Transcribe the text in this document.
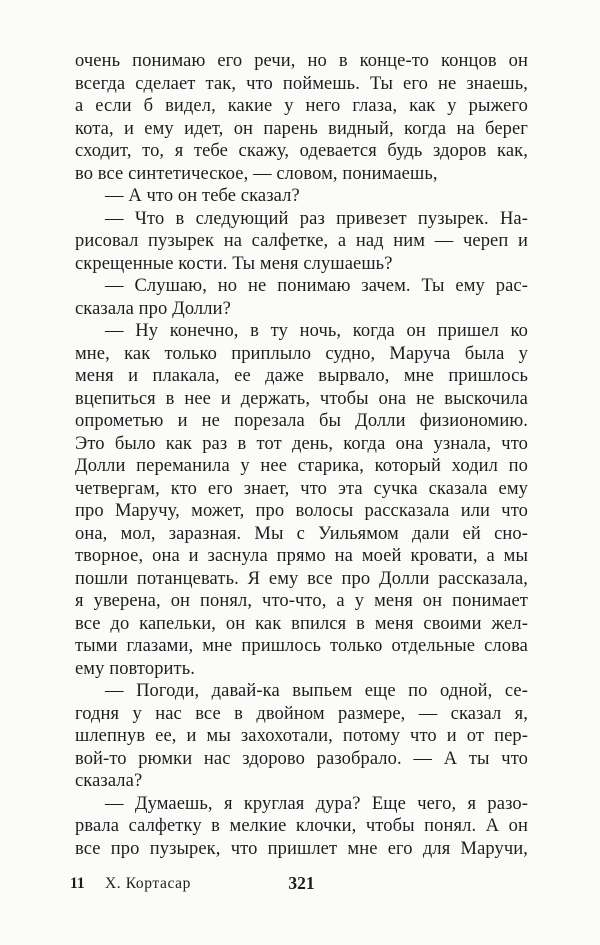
очень понимаю его речи, но в конце-то концов он
всегда сделает так, что поймешь. Ты его не знаешь,
а если б видел, какие у него глаза, как у рыжего
кота, и ему идет, он парень видный, когда на берег
сходит, то, я тебе скажу, одевается будь здоров как,
во все синтетическое, — словом, понимаешь,
— А что он тебе сказал?
— Что в следующий раз привезет пузырек. На-
рисовал пузырек на салфетке, а над ним — череп и
скрещенные кости. Ты меня слушаешь?
— Слушаю, но не понимаю зачем. Ты ему рас-
сказала про Долли?
— Ну конечно, в ту ночь, когда он пришел ко
мне, как только приплыло судно, Маруча была у
меня и плакала, ее даже вырвало, мне пришлось
вцепиться в нее и держать, чтобы она не выскочила
опрометью и не порезала бы Долли физиономию.
Это было как раз в тот день, когда она узнала, что
Долли переманила у нее старика, который ходил по
четвергам, кто его знает, что эта сучка сказала ему
про Маручу, может, про волосы рассказала или что
она, мол, заразная. Мы с Уильямом дали ей сно-
творное, она и заснула прямо на моей кровати, а мы
пошли потанцевать. Я ему все про Долли рассказала,
я уверена, он понял, что-что, а у меня он понимает
все до капельки, он как впился в меня своими жел-
тыми глазами, мне пришлось только отдельные слова
ему повторить.
— Погоди, давай-ка выпьем еще по одной, се-
годня у нас все в двойном размере, — сказал я,
шлепнув ее, и мы захохотали, потому что и от пер-
вой-то рюмки нас здорово разобрало. — А ты что
сказала?
— Думаешь, я круглая дура? Еще чего, я разо-
рвала салфетку в мелкие клочки, чтобы понял. А он
все про пузырек, что пришлет мне его для Маручи,
11 Х. Кортасар	321
